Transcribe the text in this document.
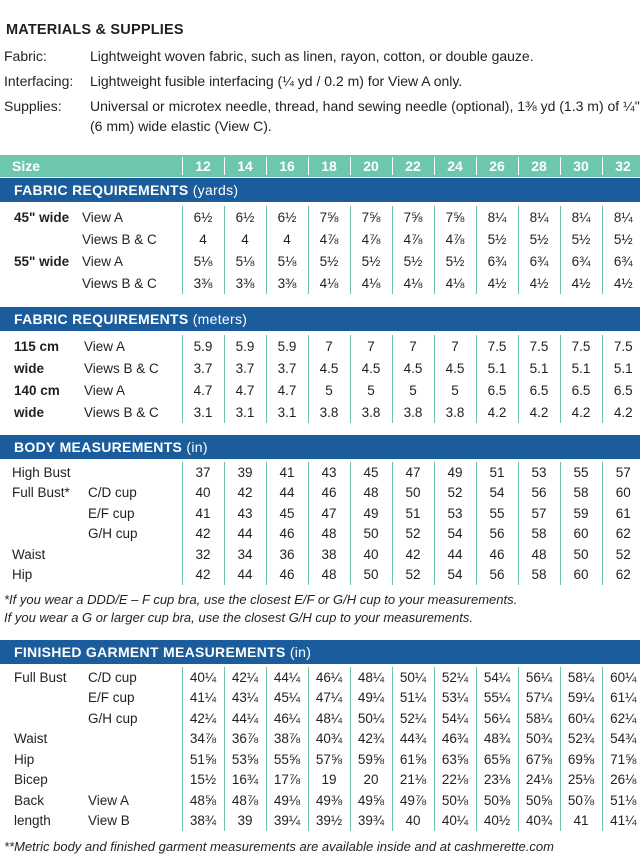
MATERIALS & SUPPLIES
Fabric:	Lightweight woven fabric, such as linen, rayon, cotton, or double gauze.
Interfacing:	Lightweight fusible interfacing (¼ yd / 0.2 m) for View A only.
Supplies:	Universal or microtex needle, thread, hand sewing needle (optional), 1⅜ yd (1.3 m) of ¼" (6 mm) wide elastic (View C).
Size	12	14	16	18	20	22	24	26	28	30	32
FABRIC REQUIREMENTS (yards)
45" wide	View A	6½	6½	6½	7⅝	7⅝	7⅝	7⅝	8¼	8¼	8¼	8¼
	Views B & C	4	4	4	4⅞	4⅞	4⅞	4⅞	5½	5½	5½	5½
55" wide	View A	5⅛	5⅛	5⅛	5½	5½	5½	5½	6¾	6¾	6¾	6¾
	Views B & C	3⅜	3⅜	3⅜	4⅛	4⅛	4⅛	4⅛	4½	4½	4½	4½
FABRIC REQUIREMENTS (meters)
115 cm	View A	5.9	5.9	5.9	7	7	7	7	7.5	7.5	7.5	7.5
wide	Views B & C	3.7	3.7	3.7	4.5	4.5	4.5	4.5	5.1	5.1	5.1	5.1
140 cm	View A	4.7	4.7	4.7	5	5	5	5	6.5	6.5	6.5	6.5
wide	Views B & C	3.1	3.1	3.1	3.8	3.8	3.8	3.8	4.2	4.2	4.2	4.2
BODY MEASUREMENTS (in)
High Bust		37	39	41	43	45	47	49	51	53	55	57
Full Bust*	C/D cup	40	42	44	46	48	50	52	54	56	58	60
	E/F cup	41	43	45	47	49	51	53	55	57	59	61
	G/H cup	42	44	46	48	50	52	54	56	58	60	62
Waist		32	34	36	38	40	42	44	46	48	50	52
Hip		42	44	46	48	50	52	54	56	58	60	62
*If you wear a DDD/E – F cup bra, use the closest E/F or G/H cup to your measurements.
If you wear a G or larger cup bra, use the closest G/H cup to your measurements.
FINISHED GARMENT MEASUREMENTS (in)
Full Bust	C/D cup	40¼	42¼	44¼	46¼	48¼	50¼	52¼	54¼	56¼	58¼	60¼
	E/F cup	41¼	43¼	45¼	47¼	49¼	51¼	53¼	55¼	57¼	59¼	61¼
	G/H cup	42¼	44¼	46¼	48¼	50¼	52¼	54¼	56¼	58¼	60¼	62¼
Waist		34⅞	36⅞	38⅞	40¾	42¾	44¾	46¾	48¾	50¾	52¾	54¾
Hip		51⅝	53⅝	55⅝	57⅝	59⅝	61⅝	63⅝	65⅝	67⅝	69⅝	71⅝
Bicep		15½	16¾	17⅞	19	20	21⅛	22⅛	23⅛	24⅛	25⅛	26⅛
Back	View A	48⅝	48⅞	49⅛	49⅜	49⅝	49⅞	50⅛	50⅜	50⅝	50⅞	51⅛
length	View B	38¾	39	39¼	39½	39¾	40	40¼	40½	40¾	41	41¼
**Metric body and finished garment measurements are available inside and at cashmerette.com
